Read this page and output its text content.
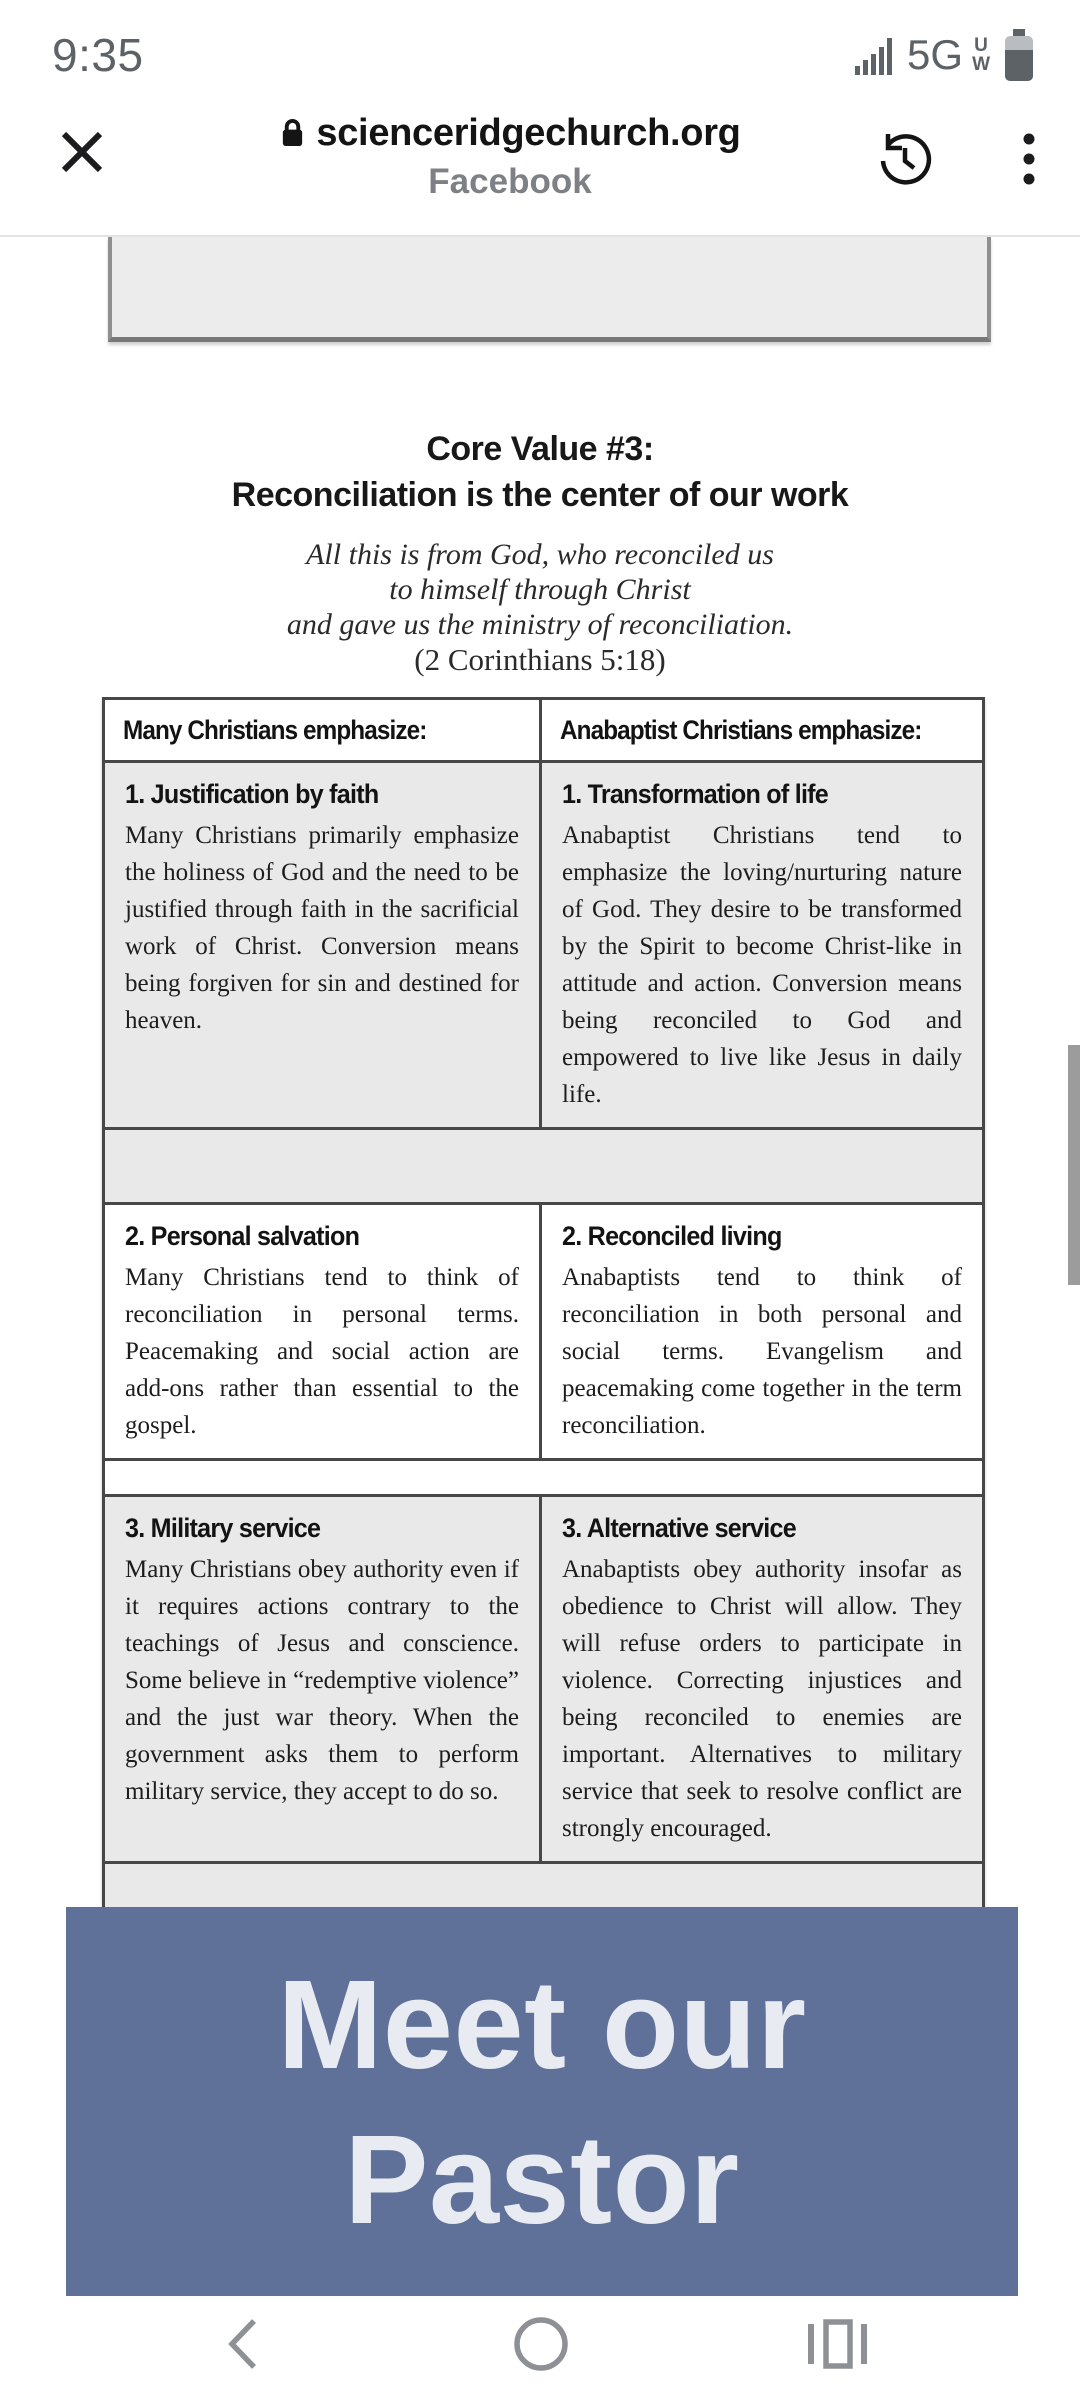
9:35	5G U
W
scienceridgechurch.org
Facebook
Core Value #3:
Reconciliation is the center of our work
All this is from God, who reconciled us
to himself through Christ
and gave us the ministry of reconciliation.
(2 Corinthians 5:18)
Many Christians emphasize:	Anabaptist Christians emphasize:
1. Justification by faith
Many Christians primarily emphasize the holiness of God and the need to be justified through faith in the sacrificial work of Christ. Conversion means being forgiven for sin and destined for heaven.
1. Transformation of life
Anabaptist Christians tend to emphasize the loving/nurturing nature of God. They desire to be transformed by the Spirit to become Christ-like in attitude and action. Conversion means being reconciled to God and empowered to live like Jesus in daily life.
2. Personal salvation
Many Christians tend to think of reconciliation in personal terms. Peacemaking and social action are add-ons rather than essential to the gospel.
2. Reconciled living
Anabaptists tend to think of reconciliation in both personal and social terms. Evangelism and peacemaking come together in the term reconciliation.
3. Military service
Many Christians obey authority even if it requires actions contrary to the teachings of Jesus and conscience. Some believe in “redemptive violence” and the just war theory. When the government asks them to perform military service, they accept to do so.
3. Alternative service
Anabaptists obey authority insofar as obedience to Christ will allow. They will refuse orders to participate in violence. Correcting injustices and being reconciled to enemies are important. Alternatives to military service that seek to resolve conflict are strongly encouraged.
Meet our
Pastor
